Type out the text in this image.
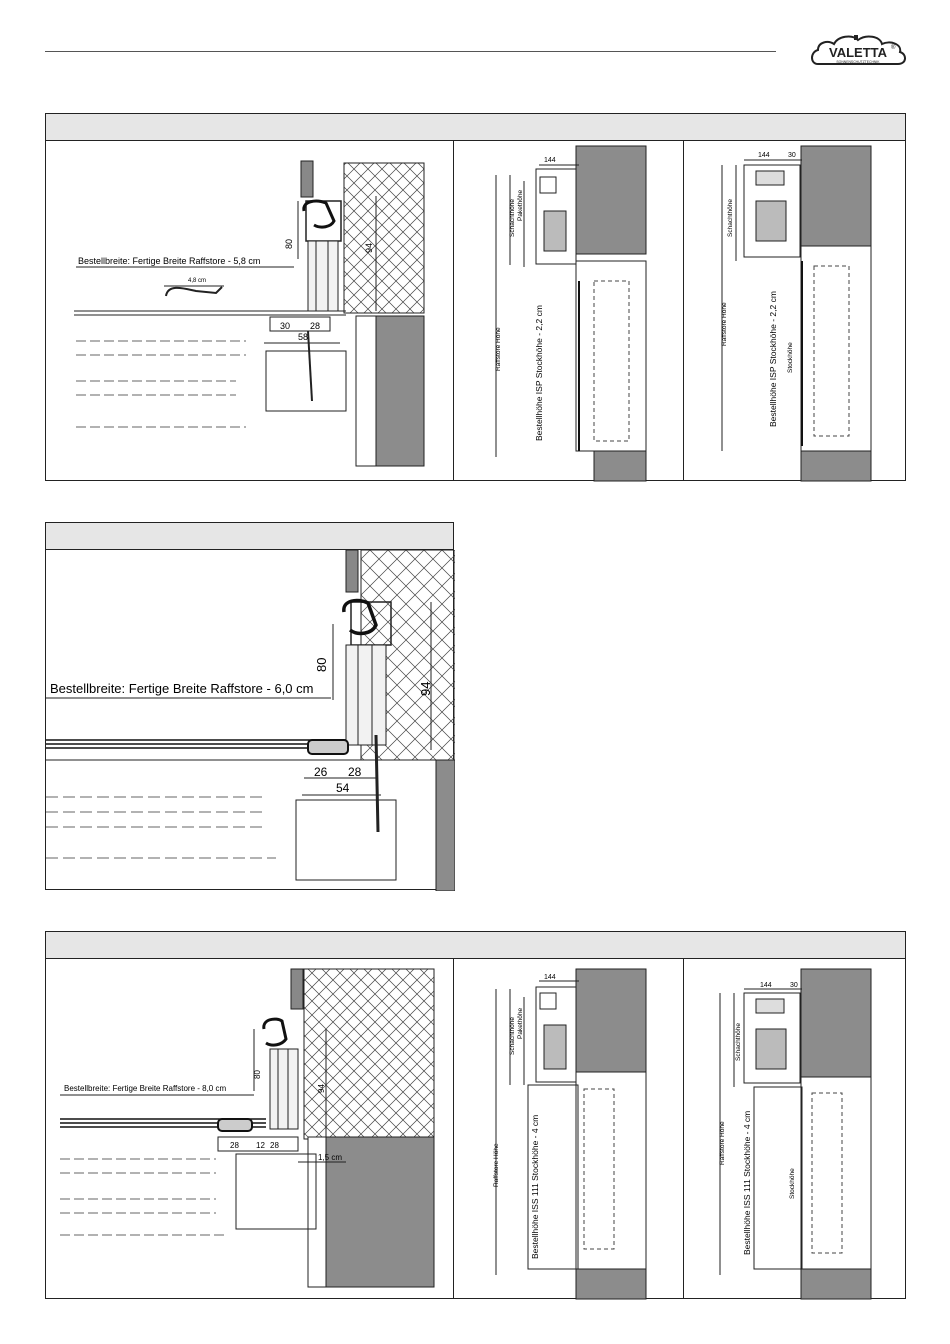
VALETTA ®
SONNENSCHUTZTECHNIK
80	94
Bestellbreite: Fertige Breite Raffstore - 5,8 cm
4,8 cm
30 28
58
144
Schachthöhe Pakethöhe
Raffstore Höhe	Bestellhöhe ISP Stockhöhe - 2,2 cm
144	30
Schachthöhe
Raffstore Höhe	Bestellhöhe ISP Stockhöhe - 2,2 cm Stockhöhe
80
94
Bestellbreite: Fertige Breite Raffstore - 6,0 cm
26 28
54
80
94
Bestellbreite: Fertige Breite Raffstore - 8,0 cm
28 12 28
1,5 cm
144
Schachthöhe Pakethöhe
Raffstore Höhe	Bestellhöhe ISS 111 Stockhöhe - 4 cm
144	30
Schachthöhe
Raffstore Höhe Bestellhöhe ISS 111 Stockhöhe - 4 cm	Stockhöhe
